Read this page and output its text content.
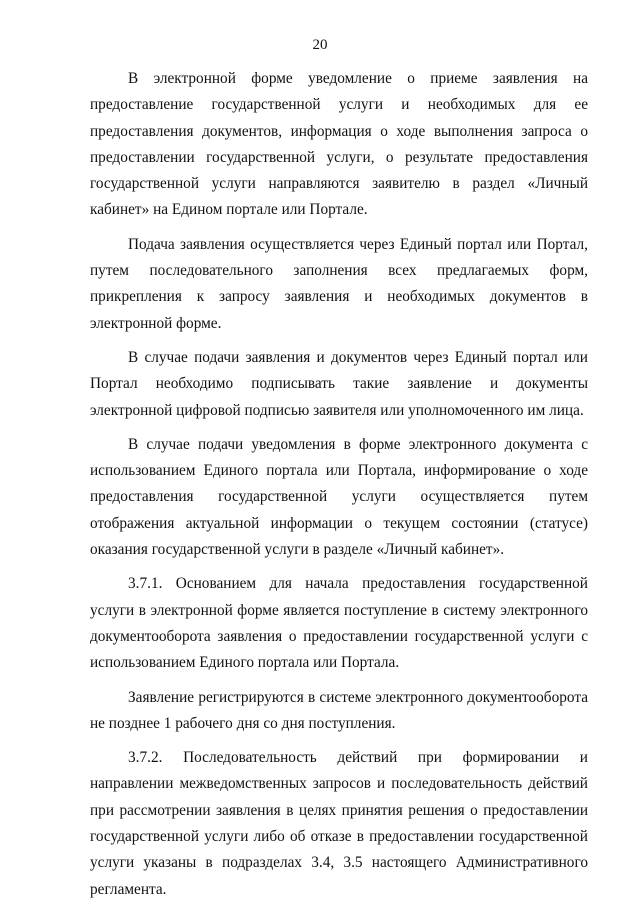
20

В электронной форме уведомление о приеме заявления на предоставление государственной услуги и необходимых для ее предоставления документов, информация о ходе выполнения запроса о предоставлении государственной услуги, о результате предоставления государственной услуги направляются заявителю в раздел «Личный кабинет» на Едином портале или Портале.

Подача заявления осуществляется через Единый портал или Портал, путем последовательного заполнения всех предлагаемых форм, прикрепления к запросу заявления и необходимых документов в электронной форме.

В случае подачи заявления и документов через Единый портал или Портал необходимо подписывать такие заявление и документы электронной цифровой подписью заявителя или уполномоченного им лица.

В случае подачи уведомления в форме электронного документа с использованием Единого портала или Портала, информирование о ходе предоставления государственной услуги осуществляется путем отображения актуальной информации о текущем состоянии (статусе) оказания государственной услуги в разделе «Личный кабинет».

3.7.1. Основанием для начала предоставления государственной услуги в электронной форме является поступление в систему электронного документооборота заявления о предоставлении государственной услуги с использованием Единого портала или Портала.

Заявление регистрируются в системе электронного документооборота не позднее 1 рабочего дня со дня поступления.

3.7.2. Последовательность действий при формировании и направлении межведомственных запросов и последовательность действий при рассмотрении заявления в целях принятия решения о предоставлении государственной услуги либо об отказе в предоставлении государственной услуги указаны в подразделах 3.4, 3.5 настоящего Административного регламента.
